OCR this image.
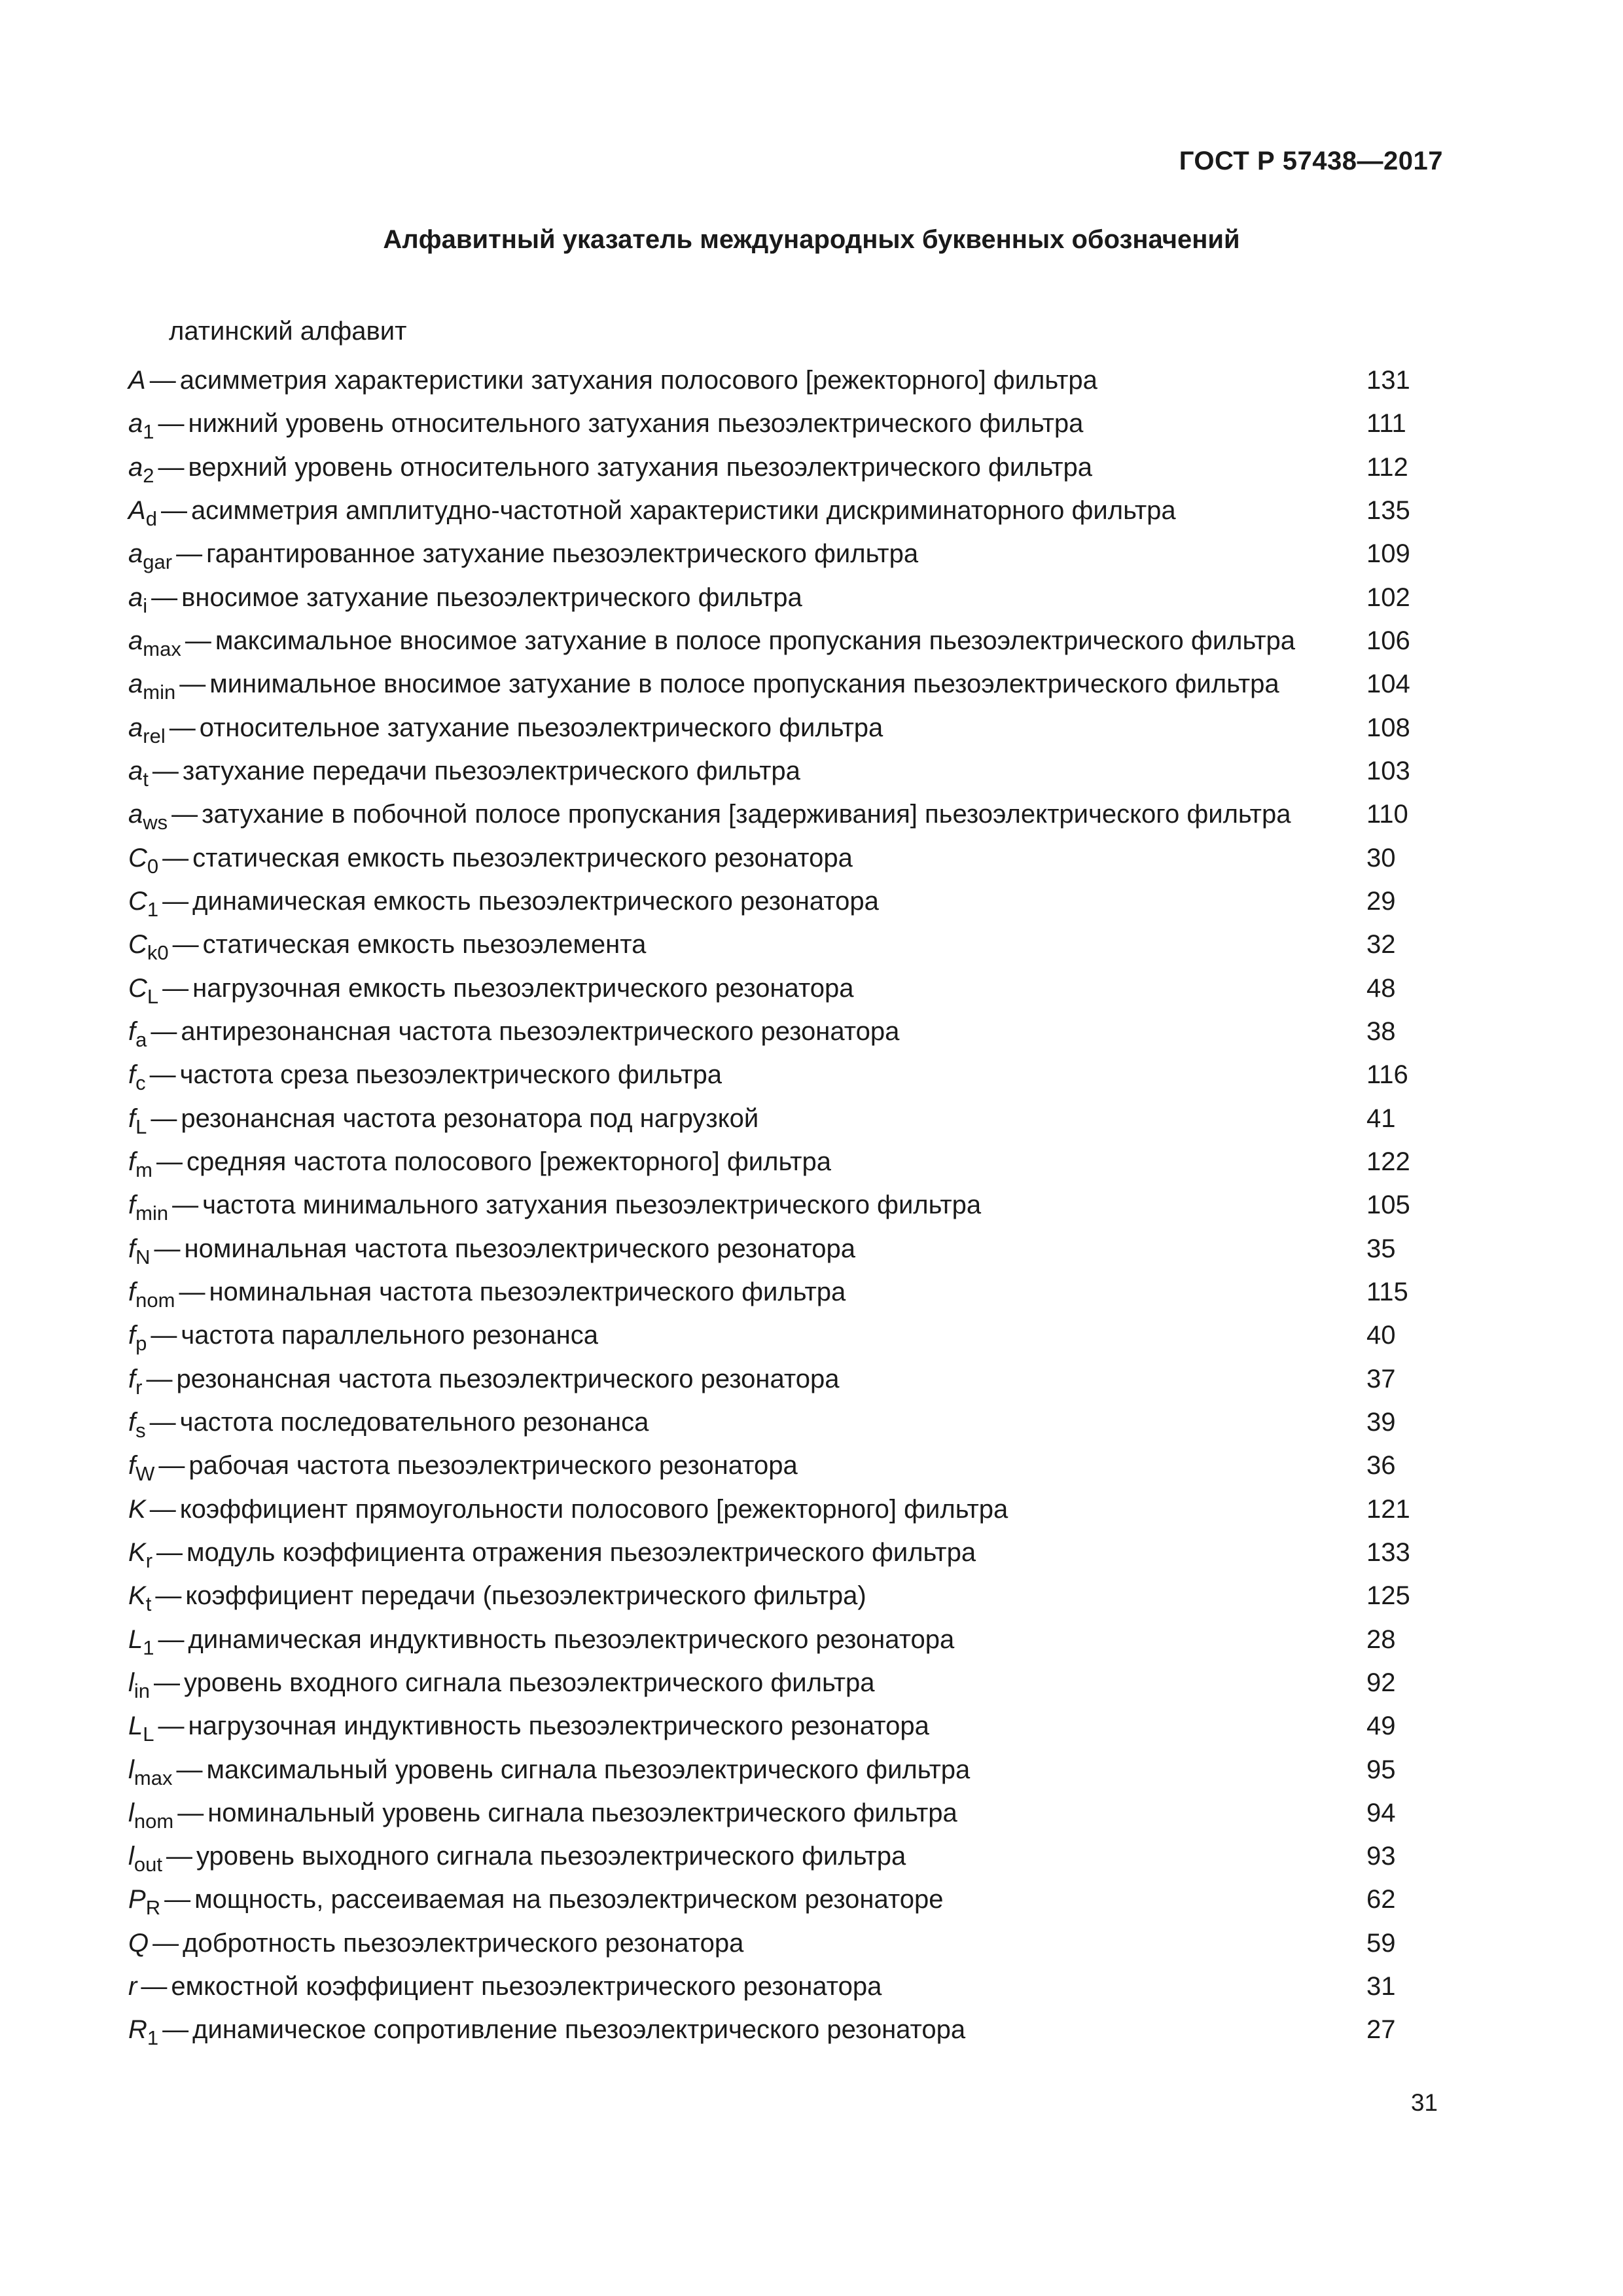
ГОСТ Р 57438—2017
Алфавитный указатель международных буквенных обозначений
латинский алфавит
A — асимметрия характеристики затухания полосового [режекторного] фильтра	131
$a_1$ — нижний уровень относительного затухания пьезоэлектрического фильтра	111
$a_2$ — верхний уровень относительного затухания пьезоэлектрического фильтра	112
$A_d$ — асимметрия амплитудно-частотной характеристики дискриминаторного фильтра	135
$a_{gar}$ — гарантированное затухание пьезоэлектрического фильтра	109
$a_i$ — вносимое затухание пьезоэлектрического фильтра	102
$a_{max}$ — максимальное вносимое затухание в полосе пропускания пьезоэлектрического фильтра	106
$a_{min}$ — минимальное вносимое затухание в полосе пропускания пьезоэлектрического фильтра	104
$a_{rel}$ — относительное затухание пьезоэлектрического фильтра	108
$a_t$ — затухание передачи пьезоэлектрического фильтра	103
$a_{ws}$ — затухание в побочной полосе пропускания [задерживания] пьезоэлектрического фильтра	110
$C_0$ — статическая емкость пьезоэлектрического резонатора	30
$C_1$ — динамическая емкость пьезоэлектрического резонатора	29
$C_{k0}$ — статическая емкость пьезоэлемента	32
$C_L$ — нагрузочная емкость пьезоэлектрического резонатора	48
$f_a$ — антирезонансная частота пьезоэлектрического резонатора	38
$f_c$ — частота среза пьезоэлектрического фильтра	116
$f_L$ — резонансная частота резонатора под нагрузкой	41
$f_m$ — средняя частота полосового [режекторного] фильтра	122
$f_{min}$ — частота минимального затухания пьезоэлектрического фильтра	105
$f_N$ — номинальная частота пьезоэлектрического резонатора	35
$f_{nom}$ — номинальная частота пьезоэлектрического фильтра	115
$f_p$ — частота параллельного резонанса	40
$f_r$ — резонансная частота пьезоэлектрического резонатора	37
$f_s$ — частота последовательного резонанса	39
$f_W$ — рабочая частота пьезоэлектрического резонатора	36
K — коэффициент прямоугольности полосового [режекторного] фильтра	121
$K_r$ — модуль коэффициента отражения пьезоэлектрического фильтра	133
$K_t$ — коэффициент передачи (пьезоэлектрического фильтра)	125
$L_1$ — динамическая индуктивность пьезоэлектрического резонатора	28
$l_{in}$ — уровень входного сигнала пьезоэлектрического фильтра	92
$L_L$ — нагрузочная индуктивность пьезоэлектрического резонатора	49
$l_{max}$ — максимальный уровень сигнала пьезоэлектрического фильтра	95
$l_{nom}$ — номинальный уровень сигнала пьезоэлектрического фильтра	94
$l_{out}$ — уровень выходного сигнала пьезоэлектрического фильтра	93
$P_R$ — мощность, рассеиваемая на пьезоэлектрическом резонаторе	62
Q — добротность пьезоэлектрического резонатора	59
r — емкостной коэффициент пьезоэлектрического резонатора	31
$R_1$ — динамическое сопротивление пьезоэлектрического резонатора	27
31
